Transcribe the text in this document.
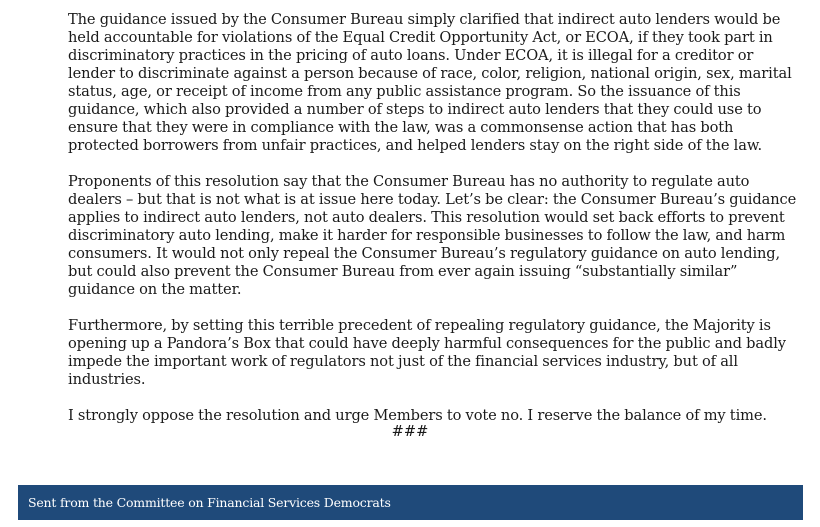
The guidance issued by the Consumer Bureau simply clarified that indirect auto lenders would be held accountable for violations of the Equal Credit Opportunity Act, or ECOA, if they took part in discriminatory practices in the pricing of auto loans. Under ECOA, it is illegal for a creditor or lender to discriminate against a person because of race, color, religion, national origin, sex, marital status, age, or receipt of income from any public assistance program. So the issuance of this guidance, which also provided a number of steps to indirect auto lenders that they could use to ensure that they were in compliance with the law, was a commonsense action that has both protected borrowers from unfair practices, and helped lenders stay on the right side of the law.

Proponents of this resolution say that the Consumer Bureau has no authority to regulate auto dealers – but that is not what is at issue here today. Let’s be clear: the Consumer Bureau’s guidance applies to indirect auto lenders, not auto dealers. This resolution would set back efforts to prevent discriminatory auto lending, make it harder for responsible businesses to follow the law, and harm consumers. It would not only repeal the Consumer Bureau’s regulatory guidance on auto lending, but could also prevent the Consumer Bureau from ever again issuing “substantially similar” guidance on the matter.

Furthermore, by setting this terrible precedent of repealing regulatory guidance, the Majority is opening up a Pandora’s Box that could have deeply harmful consequences for the public and badly impede the important work of regulators not just of the financial services industry, but of all industries.

I strongly oppose the resolution and urge Members to vote no. I reserve the balance of my time.

###
Sent from the Committee on Financial Services Democrats
